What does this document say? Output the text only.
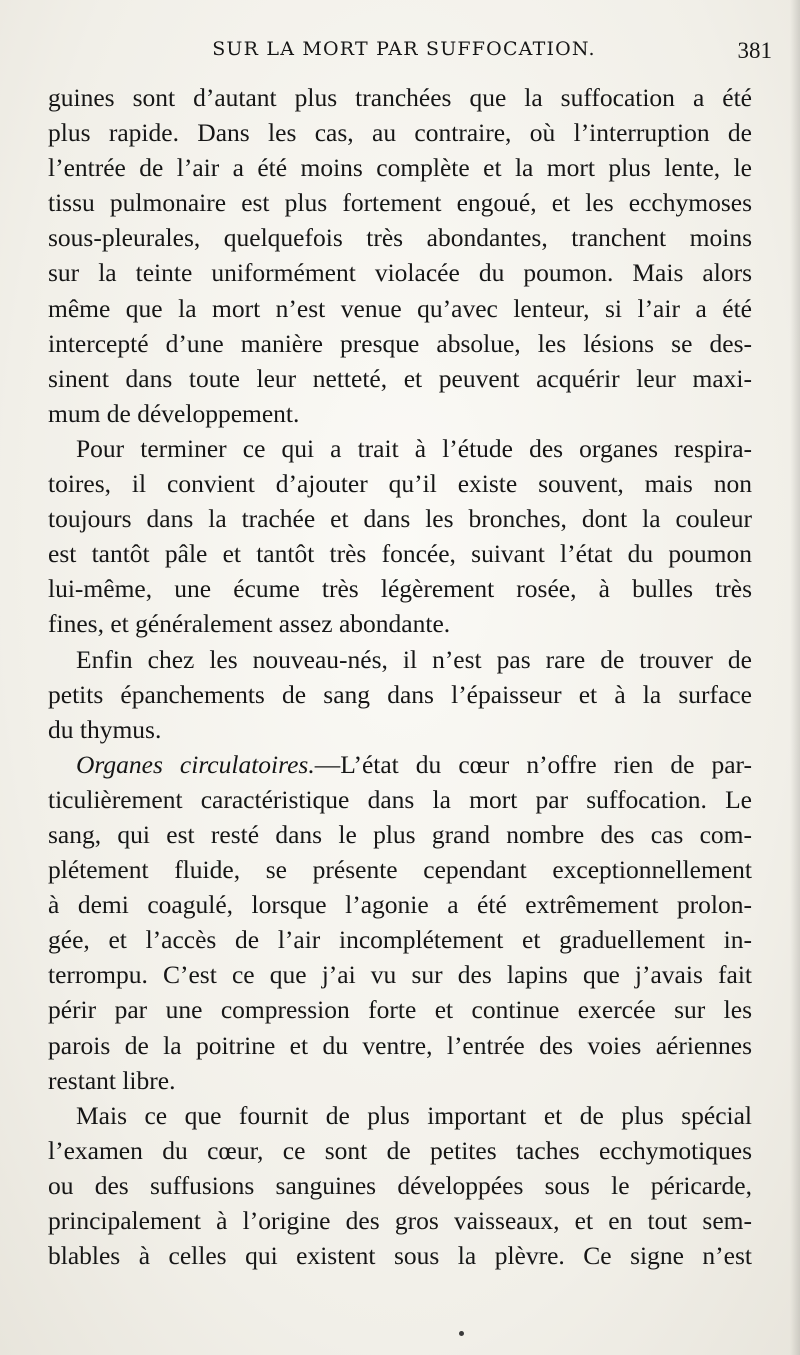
SUR LA MORT PAR SUFFOCATION.	381
guines sont d’autant plus tranchées que la suffocation a été
plus rapide. Dans les cas, au contraire, où l’interruption de
l’entrée de l’air a été moins complète et la mort plus lente, le
tissu pulmonaire est plus fortement engoué, et les ecchymoses
sous-pleurales, quelquefois très abondantes, tranchent moins
sur la teinte uniformément violacée du poumon. Mais alors
même que la mort n’est venue qu’avec lenteur, si l’air a été
intercepté d’une manière presque absolue, les lésions se des-
sinent dans toute leur netteté, et peuvent acquérir leur maxi-
mum de développement.
Pour terminer ce qui a trait à l’étude des organes respira-
toires, il convient d’ajouter qu’il existe souvent, mais non
toujours dans la trachée et dans les bronches, dont la couleur
est tantôt pâle et tantôt très foncée, suivant l’état du poumon
lui-même, une écume très légèrement rosée, à bulles très
fines, et généralement assez abondante.
Enfin chez les nouveau-nés, il n’est pas rare de trouver de
petits épanchements de sang dans l’épaisseur et à la surface
du thymus.
Organes circulatoires.—L’état du cœur n’offre rien de par-
ticulièrement caractéristique dans la mort par suffocation. Le
sang, qui est resté dans le plus grand nombre des cas com-
plétement fluide, se présente cependant exceptionnellement
à demi coagulé, lorsque l’agonie a été extrêmement prolon-
gée, et l’accès de l’air incomplétement et graduellement in-
terrompu. C’est ce que j’ai vu sur des lapins que j’avais fait
périr par une compression forte et continue exercée sur les
parois de la poitrine et du ventre, l’entrée des voies aériennes
restant libre.
Mais ce que fournit de plus important et de plus spécial
l’examen du cœur, ce sont de petites taches ecchymotiques
ou des suffusions sanguines développées sous le péricarde,
principalement à l’origine des gros vaisseaux, et en tout sem-
blables à celles qui existent sous la plèvre. Ce signe n’est
